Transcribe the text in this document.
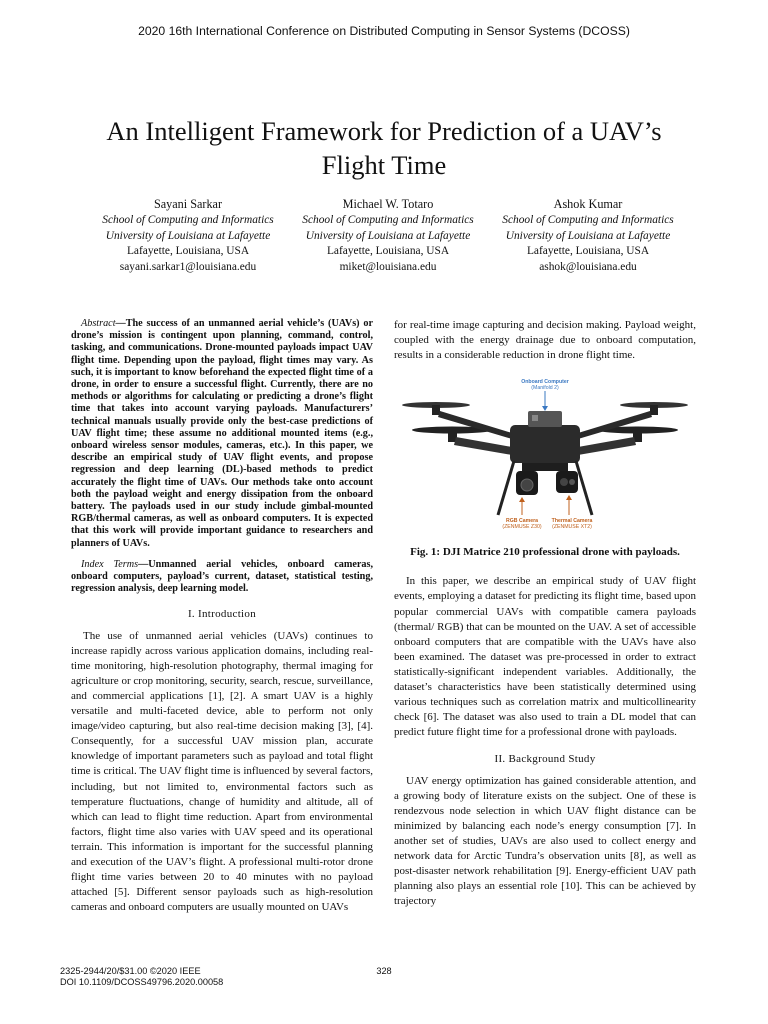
2020 16th International Conference on Distributed Computing in Sensor Systems (DCOSS)
An Intelligent Framework for Prediction of a UAV’s
Flight Time
Sayani Sarkar
School of Computing and Informatics
University of Louisiana at Lafayette
Lafayette, Louisiana, USA
sayani.sarkar1@louisiana.edu
Michael W. Totaro
School of Computing and Informatics
University of Louisiana at Lafayette
Lafayette, Louisiana, USA
miket@louisiana.edu
Ashok Kumar
School of Computing and Informatics
University of Louisiana at Lafayette
Lafayette, Louisiana, USA
ashok@louisiana.edu

Abstract—The success of an unmanned aerial vehicle’s (UAVs) or drone’s mission is contingent upon planning, command, control, tasking, and communications. Drone-mounted payloads impact UAV flight time. Depending upon the payload, flight times may vary. As such, it is important to know beforehand the expected flight time of a drone, in order to ensure a successful flight. Currently, there are no methods or algorithms for calculating or predicting a drone’s flight time that takes into account varying payloads. Manufacturers’ technical manuals usually provide only the best-case predictions of UAV flight time; these assume no additional mounted items (e.g., onboard wireless sensor modules, cameras, etc.). In this paper, we describe an empirical study of UAV flight events, and propose regression and deep learning (DL)-based methods to predict accurately the flight time of UAVs. Our methods take onto account both the payload weight and energy dissipation from the onboard battery. The payloads used in our study include gimbal-mounted RGB/thermal cameras, as well as onboard computers. It is expected that this work will provide important guidance to researchers and planners of UAVs.

Index Terms—Unmanned aerial vehicles, onboard cameras, onboard computers, payload’s current, dataset, statistical testing, regression analysis, deep learning model.

I. Introduction

The use of unmanned aerial vehicles (UAVs) continues to increase rapidly across various application domains, including real-time monitoring, high-resolution photography, thermal imaging for agriculture or crop monitoring, security, search, rescue, surveillance, and commercial applications [1], [2]. A smart UAV is a highly versatile and multi-faceted device, able to perform not only image/video capturing, but also real-time decision making [3], [4]. Consequently, for a successful UAV mission plan, accurate knowledge of important parameters such as payload and total flight time is critical. The UAV flight time is influenced by several factors, including, but not limited to, environmental factors such as temperature fluctuations, change of humidity and altitude, all of which can lead to flight time reduction. Apart from environmental factors, flight time also varies with UAV speed and its operational terrain. This information is important for the successful planning and execution of the UAV’s flight. A professional multi-rotor drone flight time varies between 20 to 40 minutes with no payload attached [5]. Different sensor payloads such as high-resolution cameras and onboard computers are usually mounted on UAVs

for real-time image capturing and decision making. Payload weight, coupled with the energy drainage due to onboard computation, results in a considerable reduction in drone flight time.

Onboard Computer
(Manifold 2)
RGB Camera
(ZENMUSE Z30)
Thermal Camera
(ZENMUSE XT2)

Fig. 1: DJI Matrice 210 professional drone with payloads.

In this paper, we describe an empirical study of UAV flight events, employing a dataset for predicting its flight time, based upon popular commercial UAVs with compatible camera payloads (thermal/ RGB) that can be mounted on the UAV. A set of accessible onboard computers that are compatible with the UAVs have also been examined. The dataset was pre-processed in order to extract statistically-significant independent variables. Additionally, the dataset’s characteristics have been statistically determined using various techniques such as correlation matrix and multicollinearity check [6]. The dataset was also used to train a DL model that can predict future flight time for a professional drone with payloads.

II. Background Study

UAV energy optimization has gained considerable attention, and a growing body of literature exists on the subject. One of these is rendezvous node selection in which UAV flight distance can be minimized by balancing each node’s energy consumption [7]. In another set of studies, UAVs are also used to collect energy and network data for Arctic Tundra’s observation units [8], as well as post-disaster network rehabilitation [9]. Energy-efficient UAV path planning also plays an essential role [10]. This can be achieved by trajectory

2325-2944/20/$31.00 ©2020 IEEE
DOI 10.1109/DCOSS49796.2020.00058
328
